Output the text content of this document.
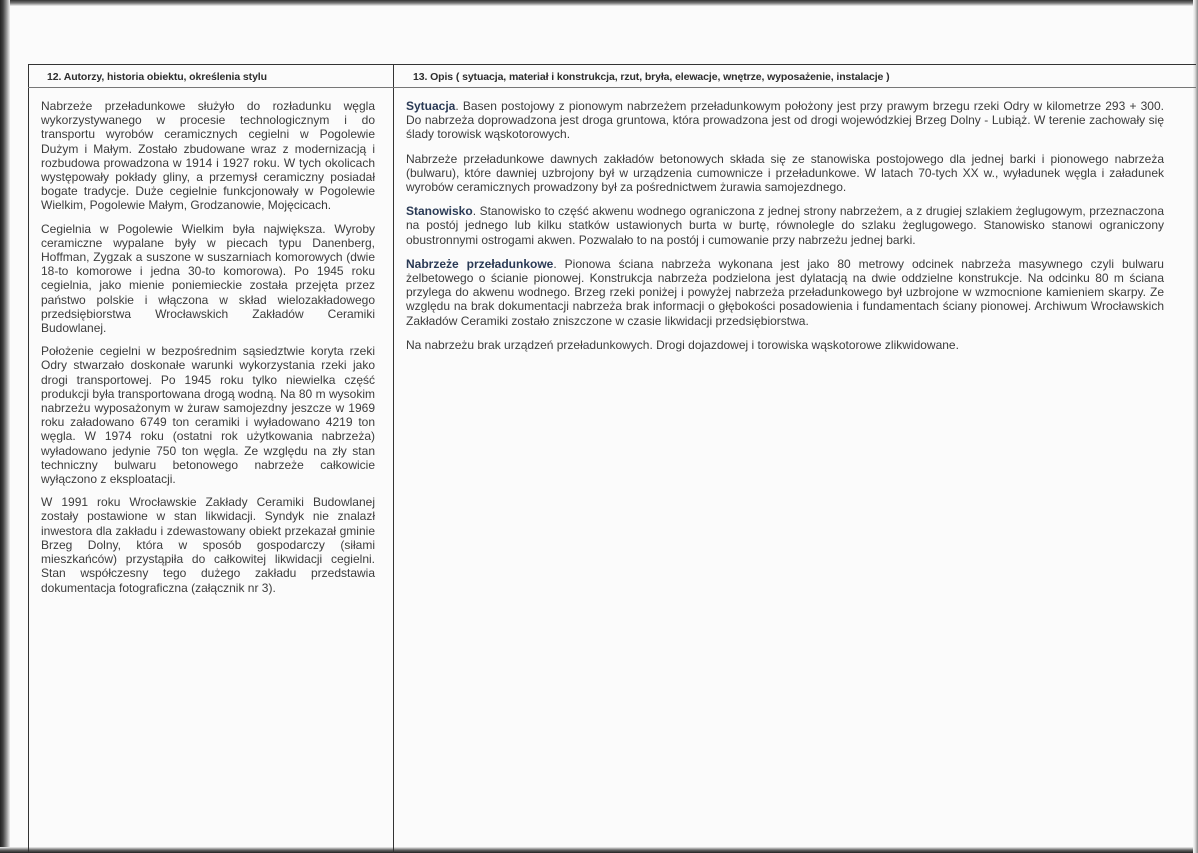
12. Autorzy, historia obiektu, określenia stylu	13. Opis ( sytuacja, materiał i konstrukcja, rzut, bryła, elewacje, wnętrze, wyposażenie, instalacje )

Nabrzeże przeładunkowe służyło do rozładunku węgla wykorzystywanego w procesie technologicznym i do transportu wyrobów ceramicznych cegielni w Pogolewie Dużym i Małym. Zostało zbudowane wraz z modernizacją i rozbudowa prowadzona w 1914 i 1927 roku. W tych okolicach występowały pokłady gliny, a przemysł ceramiczny posiadał bogate tradycje. Duże cegielnie funkcjonowały w Pogolewie Wielkim, Pogolewie Małym, Grodzanowie, Mojęcicach.

Cegielnia w Pogolewie Wielkim była największa. Wyroby ceramiczne wypalane były w piecach typu Danenberg, Hoffman, Zygzak a suszone w suszarniach komorowych (dwie 18-to komorowe i jedna 30-to komorowa). Po 1945 roku cegielnia, jako mienie poniemieckie została przejęta przez państwo polskie i włączona w skład wielozakładowego przedsiębiorstwa Wrocławskich Zakładów Ceramiki Budowlanej.

Położenie cegielni w bezpośrednim sąsiedztwie koryta rzeki Odry stwarzało doskonałe warunki wykorzystania rzeki jako drogi transportowej. Po 1945 roku tylko niewielka część produkcji była transportowana drogą wodną. Na 80 m wysokim nabrzeżu wyposażonym w żuraw samojezdny jeszcze w 1969 roku załadowano 6749 ton ceramiki i wyładowano 4219 ton węgla. W 1974 roku (ostatni rok użytkowania nabrzeża) wyładowano jedynie 750 ton węgla. Ze względu na zły stan techniczny bulwaru betonowego nabrzeże całkowicie wyłączono z eksploatacji.

W 1991 roku Wrocławskie Zakłady Ceramiki Budowlanej zostały postawione w stan likwidacji. Syndyk nie znalazł inwestora dla zakładu i zdewastowany obiekt przekazał gminie Brzeg Dolny, która w sposób gospodarczy (siłami mieszkańców) przystąpiła do całkowitej likwidacji cegielni. Stan współczesny tego dużego zakładu przedstawia dokumentacja fotograficzna (załącznik nr 3).

Sytuacja. Basen postojowy z pionowym nabrzeżem przeładunkowym położony jest przy prawym brzegu rzeki Odry w kilometrze 293 + 300. Do nabrzeża doprowadzona jest droga gruntowa, która prowadzona jest od drogi wojewódzkiej Brzeg Dolny - Lubiąż. W terenie zachowały się ślady torowisk wąskotorowych.

Nabrzeże przeładunkowe dawnych zakładów betonowych składa się ze stanowiska postojowego dla jednej barki i pionowego nabrzeża (bulwaru), które dawniej uzbrojony był w urządzenia cumownicze i przeładunkowe. W latach 70-tych XX w., wyładunek węgla i załadunek wyrobów ceramicznych prowadzony był za pośrednictwem żurawia samojezdnego.

Stanowisko. Stanowisko to część akwenu wodnego ograniczona z jednej strony nabrzeżem, a z drugiej szlakiem żeglugowym, przeznaczona na postój jednego lub kilku statków ustawionych burta w burtę, równolegle do szlaku żeglugowego. Stanowisko stanowi ograniczony obustronnymi ostrogami akwen. Pozwalało to na postój i cumowanie przy nabrzeżu jednej barki.

Nabrzeże przeładunkowe. Pionowa ściana nabrzeża wykonana jest jako 80 metrowy odcinek nabrzeża masywnego czyli bulwaru żelbetowego o ścianie pionowej. Konstrukcja nabrzeża podzielona jest dylatacją na dwie oddzielne konstrukcje. Na odcinku 80 m ściana przylega do akwenu wodnego. Brzeg rzeki poniżej i powyżej nabrzeża przeładunkowego był uzbrojone w wzmocnione kamieniem skarpy. Ze względu na brak dokumentacji nabrzeża brak informacji o głębokości posadowienia i fundamentach ściany pionowej. Archiwum Wrocławskich Zakładów Ceramiki zostało zniszczone w czasie likwidacji przedsiębiorstwa.

Na nabrzeżu brak urządzeń przeładunkowych. Drogi dojazdowej i torowiska wąskotorowe zlikwidowane.
